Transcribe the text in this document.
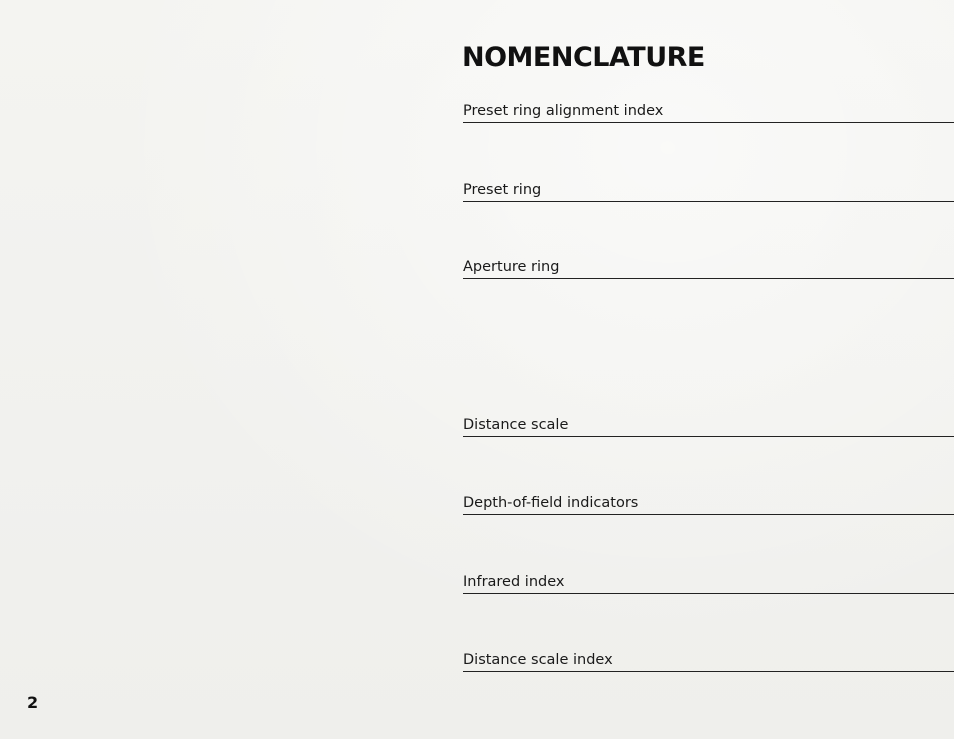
NOMENCLATURE
Preset ring alignment index
Preset ring
Aperture ring
Distance scale
Depth-of-field indicators
Infrared index
Distance scale index
2
